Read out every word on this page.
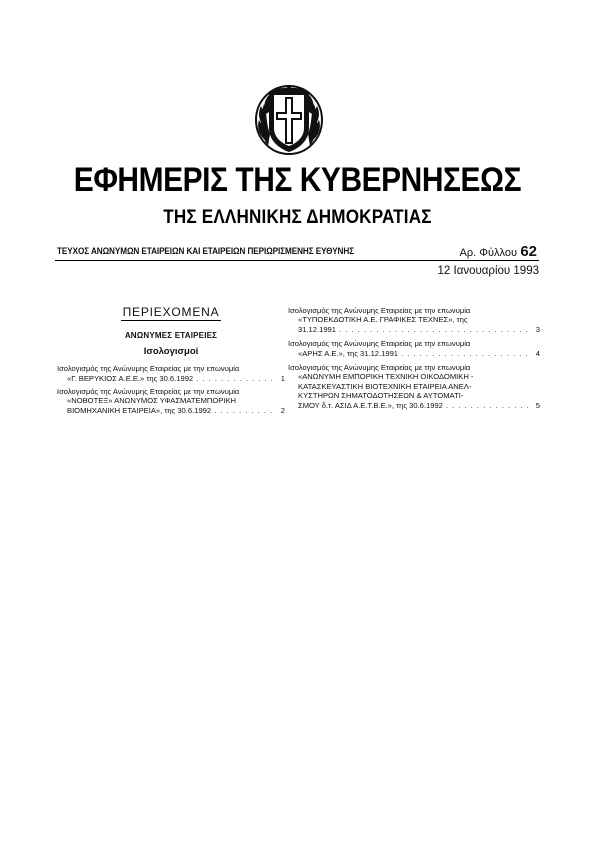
ΕΦΗΜΕΡΙΣ ΤΗΣ ΚΥΒΕΡΝΗΣΕΩΣ
ΤΗΣ ΕΛΛΗΝΙΚΗΣ ΔΗΜΟΚΡΑΤΙΑΣ
ΤΕΥΧΟΣ ΑΝΩΝΥΜΩΝ ΕΤΑΙΡΕΙΩΝ ΚΑΙ ΕΤΑΙΡΕΙΩΝ ΠΕΡΙΩΡΙΣΜΕΝΗΣ ΕΥΘΥΝΗΣ	Αρ. Φύλλου 62
12 Ιανουαρίου 1993
ΠΕΡΙΕΧΟΜΕΝΑ
ΑΝΩΝΥΜΕΣ ΕΤΑΙΡΕΙΕΣ
Ισολογισμοί
Ισολογισμός της Ανώνυμης Εταιρείας με την επωνυμία
«Γ. ΒΕΡΥΚΙΟΣ Α.Ε.Ε.» της 30.6.1992 . . .	1
Ισολογισμός της Ανώνυμης Εταιρείας με την επωνυμία
«ΝΟΒΟΤΕΞ» ΑΝΩΝΥΜΟΣ ΥΦΑΣΜΑΤΕΜΠΟΡΙΚΗ
ΒΙΟΜΗΧΑΝΙΚΗ ΕΤΑΙΡΕΙΑ», της 30.6.1992 . . .	2
Ισολογισμός της Ανώνυμης Εταιρείας με την επωνυμία
«ΤΥΠΟΕΚΔΟΤΙΚΗ Α.Ε. ΓΡΑΦΙΚΕΣ ΤΕΧΝΕΣ», της
31.12.1991 . . .	3
Ισολογισμός της Ανώνυμης Εταιρείας με την επωνυμία
«ΑΡΗΣ Α.Ε.», της 31.12.1991 . . .	4
Ισολογισμός της Ανώνυμης Εταιρείας με την επωνυμία
«ΑΝΩΝΥΜΗ ΕΜΠΟΡΙΚΗ ΤΕΧΝΙΚΗ ΟΙΚΟΔΟΜΙΚΗ -
ΚΑΤΑΣΚΕΥΑΣΤΙΚΗ ΒΙΟΤΕΧΝΙΚΗ ΕΤΑΙΡΕΙΑ ΑΝΕΛ-
ΚΥΣΤΗΡΩΝ ΣΗΜΑΤΟΔΟΤΗΣΕΩΝ & ΑΥΤΟΜΑΤΙ-
ΣΜΟΥ δ.τ. ΑΣΙΔ Α.Ε.Τ.Β.Ε.», της 30.6.1992 . . .	5
